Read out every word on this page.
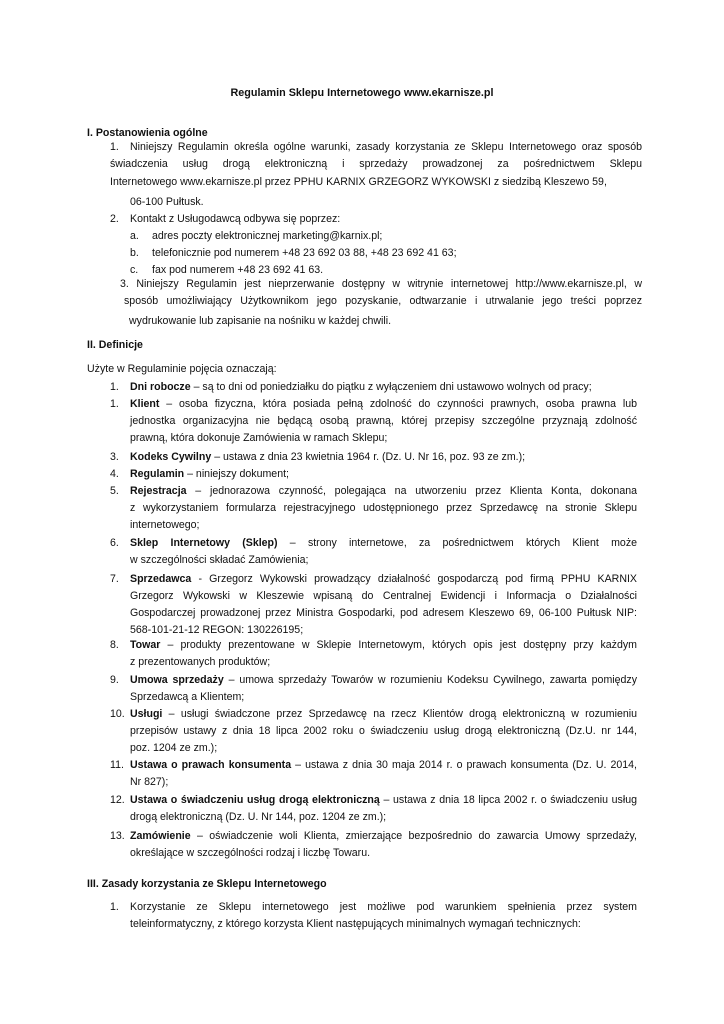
Regulamin Sklepu Internetowego www.ekarnisze.pl
I. Postanowienia ogólne
1. Niniejszy Regulamin określa ogólne warunki, zasady korzystania ze Sklepu Internetowego oraz sposób
świadczenia usług drogą elektroniczną i sprzedaży prowadzonej za pośrednictwem Sklepu
Internetowego www.ekarnisze.pl przez PPHU KARNIX GRZEGORZ WYKOWSKI z siedzibą Kleszewo 59,
06-100 Pułtusk.
2. Kontakt z Usługodawcą odbywa się poprzez:
a. adres poczty elektronicznej marketing@karnix.pl;
b. telefonicznie pod numerem +48 23 692 03 88, +48 23 692 41 63;
c. fax pod numerem +48 23 692 41 63.
3. Niniejszy Regulamin jest nieprzerwanie dostępny w witrynie internetowej http://www.ekarnisze.pl, w
sposób umożliwiający Użytkownikom jego pozyskanie, odtwarzanie i utrwalanie jego treści poprzez
wydrukowanie lub zapisanie na nośniku w każdej chwili.
II. Definicje
Użyte w Regulaminie pojęcia oznaczają:
1. Dni robocze – są to dni od poniedziałku do piątku z wyłączeniem dni ustawowo wolnych od pracy;
1. Klient – osoba fizyczna, która posiada pełną zdolność do czynności prawnych, osoba prawna lub
jednostka organizacyjna nie będącą osobą prawną, której przepisy szczególne przyznają zdolność
prawną, która dokonuje Zamówienia w ramach Sklepu;
3. Kodeks Cywilny – ustawa z dnia 23 kwietnia 1964 r. (Dz. U. Nr 16, poz. 93 ze zm.);
4. Regulamin – niniejszy dokument;
5. Rejestracja – jednorazowa czynność, polegająca na utworzeniu przez Klienta Konta, dokonana
z wykorzystaniem formularza rejestracyjnego udostępnionego przez Sprzedawcę na stronie Sklepu
internetowego;
6. Sklep Internetowy (Sklep) – strony internetowe, za pośrednictwem których Klient może
w szczególności składać Zamówienia;
7. Sprzedawca - Grzegorz Wykowski prowadzący działalność gospodarczą pod firmą PPHU KARNIX
Grzegorz Wykowski w Kleszewie wpisaną do Centralnej Ewidencji i Informacja o Działalności
Gospodarczej prowadzonej przez Ministra Gospodarki, pod adresem Kleszewo 69, 06-100 Pułtusk NIP:
568-101-21-12 REGON: 130226195;
8. Towar – produkty prezentowane w Sklepie Internetowym, których opis jest dostępny przy każdym
z prezentowanych produktów;
9. Umowa sprzedaży – umowa sprzedaży Towarów w rozumieniu Kodeksu Cywilnego, zawarta pomiędzy
Sprzedawcą a Klientem;
10. Usługi – usługi świadczone przez Sprzedawcę na rzecz Klientów drogą elektroniczną w rozumieniu
przepisów ustawy z dnia 18 lipca 2002 roku o świadczeniu usług drogą elektroniczną (Dz.U. nr 144,
poz. 1204 ze zm.);
11. Ustawa o prawach konsumenta – ustawa z dnia 30 maja 2014 r. o prawach konsumenta (Dz. U. 2014,
Nr 827);
12. Ustawa o świadczeniu usług drogą elektroniczną – ustawa z dnia 18 lipca 2002 r. o świadczeniu usług
drogą elektroniczną (Dz. U. Nr 144, poz. 1204 ze zm.);
13. Zamówienie – oświadczenie woli Klienta, zmierzające bezpośrednio do zawarcia Umowy sprzedaży,
określające w szczególności rodzaj i liczbę Towaru.
III. Zasady korzystania ze Sklepu Internetowego
1. Korzystanie ze Sklepu internetowego jest możliwe pod warunkiem spełnienia przez system
teleinformatyczny, z którego korzysta Klient następujących minimalnych wymagań technicznych:
